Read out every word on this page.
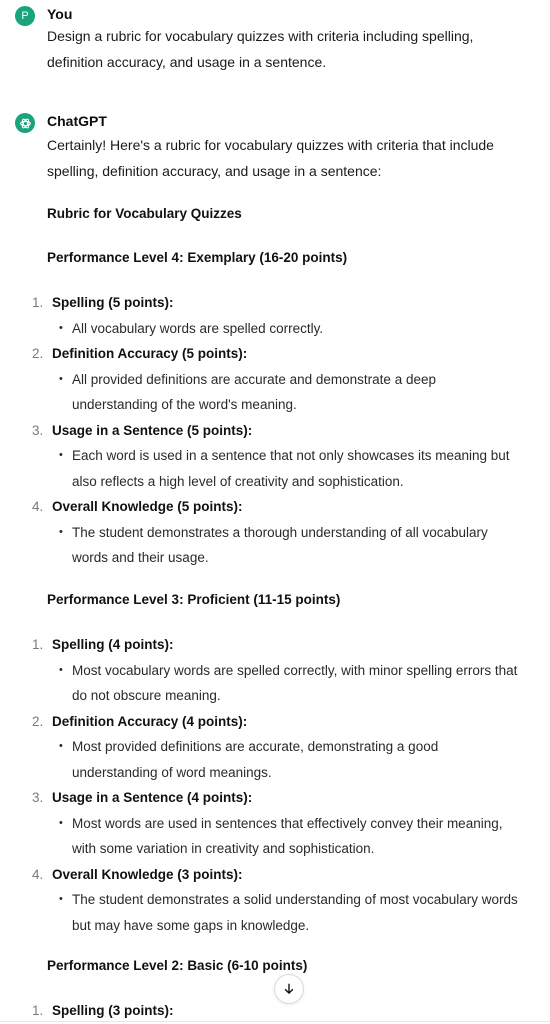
P You
Design a rubric for vocabulary quizzes with criteria including spelling, definition accuracy, and usage in a sentence.
ChatGPT
Certainly! Here's a rubric for vocabulary quizzes with criteria that include spelling, definition accuracy, and usage in a sentence:
Rubric for Vocabulary Quizzes
Performance Level 4: Exemplary (16-20 points)
1. Spelling (5 points):
• All vocabulary words are spelled correctly.
2. Definition Accuracy (5 points):
• All provided definitions are accurate and demonstrate a deep understanding of the word's meaning.
3. Usage in a Sentence (5 points):
• Each word is used in a sentence that not only showcases its meaning but also reflects a high level of creativity and sophistication.
4. Overall Knowledge (5 points):
• The student demonstrates a thorough understanding of all vocabulary words and their usage.
Performance Level 3: Proficient (11-15 points)
1. Spelling (4 points):
• Most vocabulary words are spelled correctly, with minor spelling errors that do not obscure meaning.
2. Definition Accuracy (4 points):
• Most provided definitions are accurate, demonstrating a good understanding of word meanings.
3. Usage in a Sentence (4 points):
• Most words are used in sentences that effectively convey their meaning, with some variation in creativity and sophistication.
4. Overall Knowledge (3 points):
• The student demonstrates a solid understanding of most vocabulary words but may have some gaps in knowledge.
Performance Level 2: Basic (6-10 points)
1. Spelling (3 points):
